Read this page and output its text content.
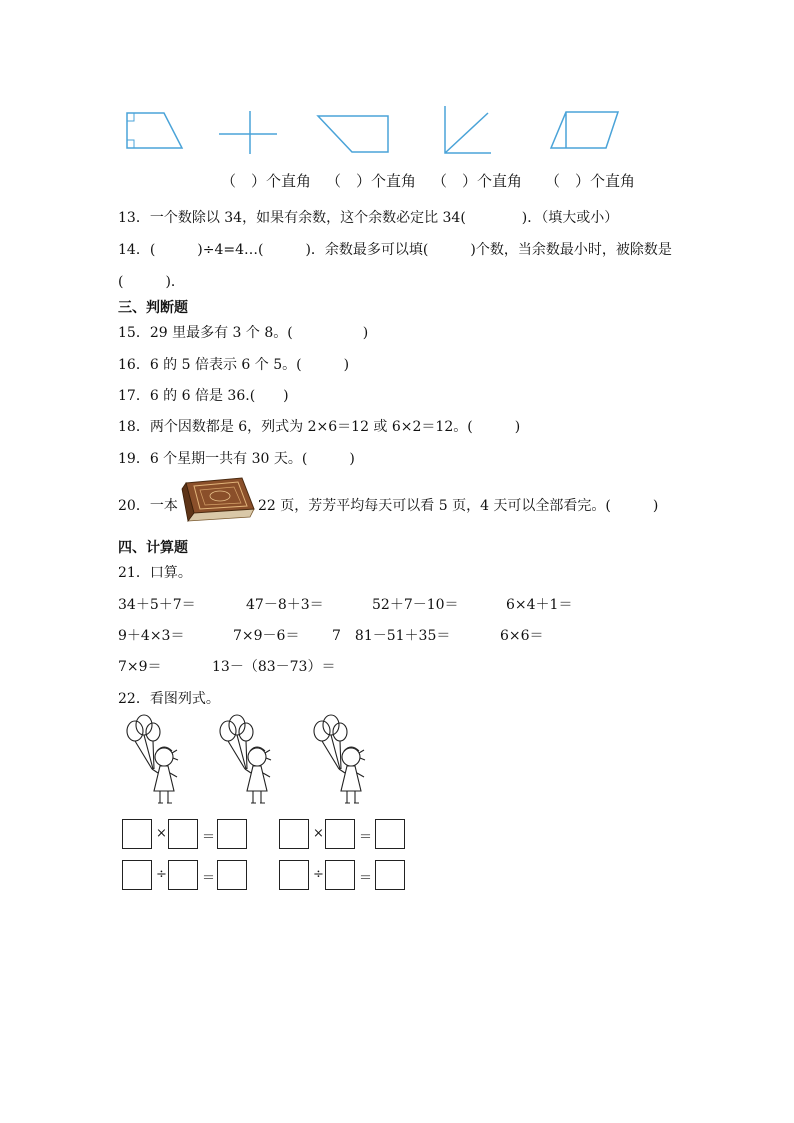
（　）个直角 （　）个直角 （　）个直角 （　）个直角
13．一个数除以 34，如果有余数，这个余数必定比 34(　　　　)．（填大或小）
14．(　　　)÷4=4…(　　　)．余数最多可以填(　　　)个数，当余数最小时，被除数是
(　　　)．
三、判断题
15．29 里最多有 3 个 8。(　　　　　)
16．6 的 5 倍表示 6 个 5。(　　　)
17．6 的 6 倍是 36.(　　)
18．两个因数都是 6，列式为 2×6＝12 或 6×2＝12。(　　　)
19．6 个星期一共有 30 天。(　　　)
20．一本	22 页，芳芳平均每天可以看 5 页，4 天可以全部看完。(　　　)
四、计算题
21．口算。
34＋5＋7＝	47－8＋3＝	52＋7－10＝	6×4＋1＝
9＋4×3＝	7×9－6＝ 7　81－51＋35＝	6×6＝
7×9＝	13－（83－73）＝
22．看图列式。
×	＝	×	＝
÷	＝	÷	＝
